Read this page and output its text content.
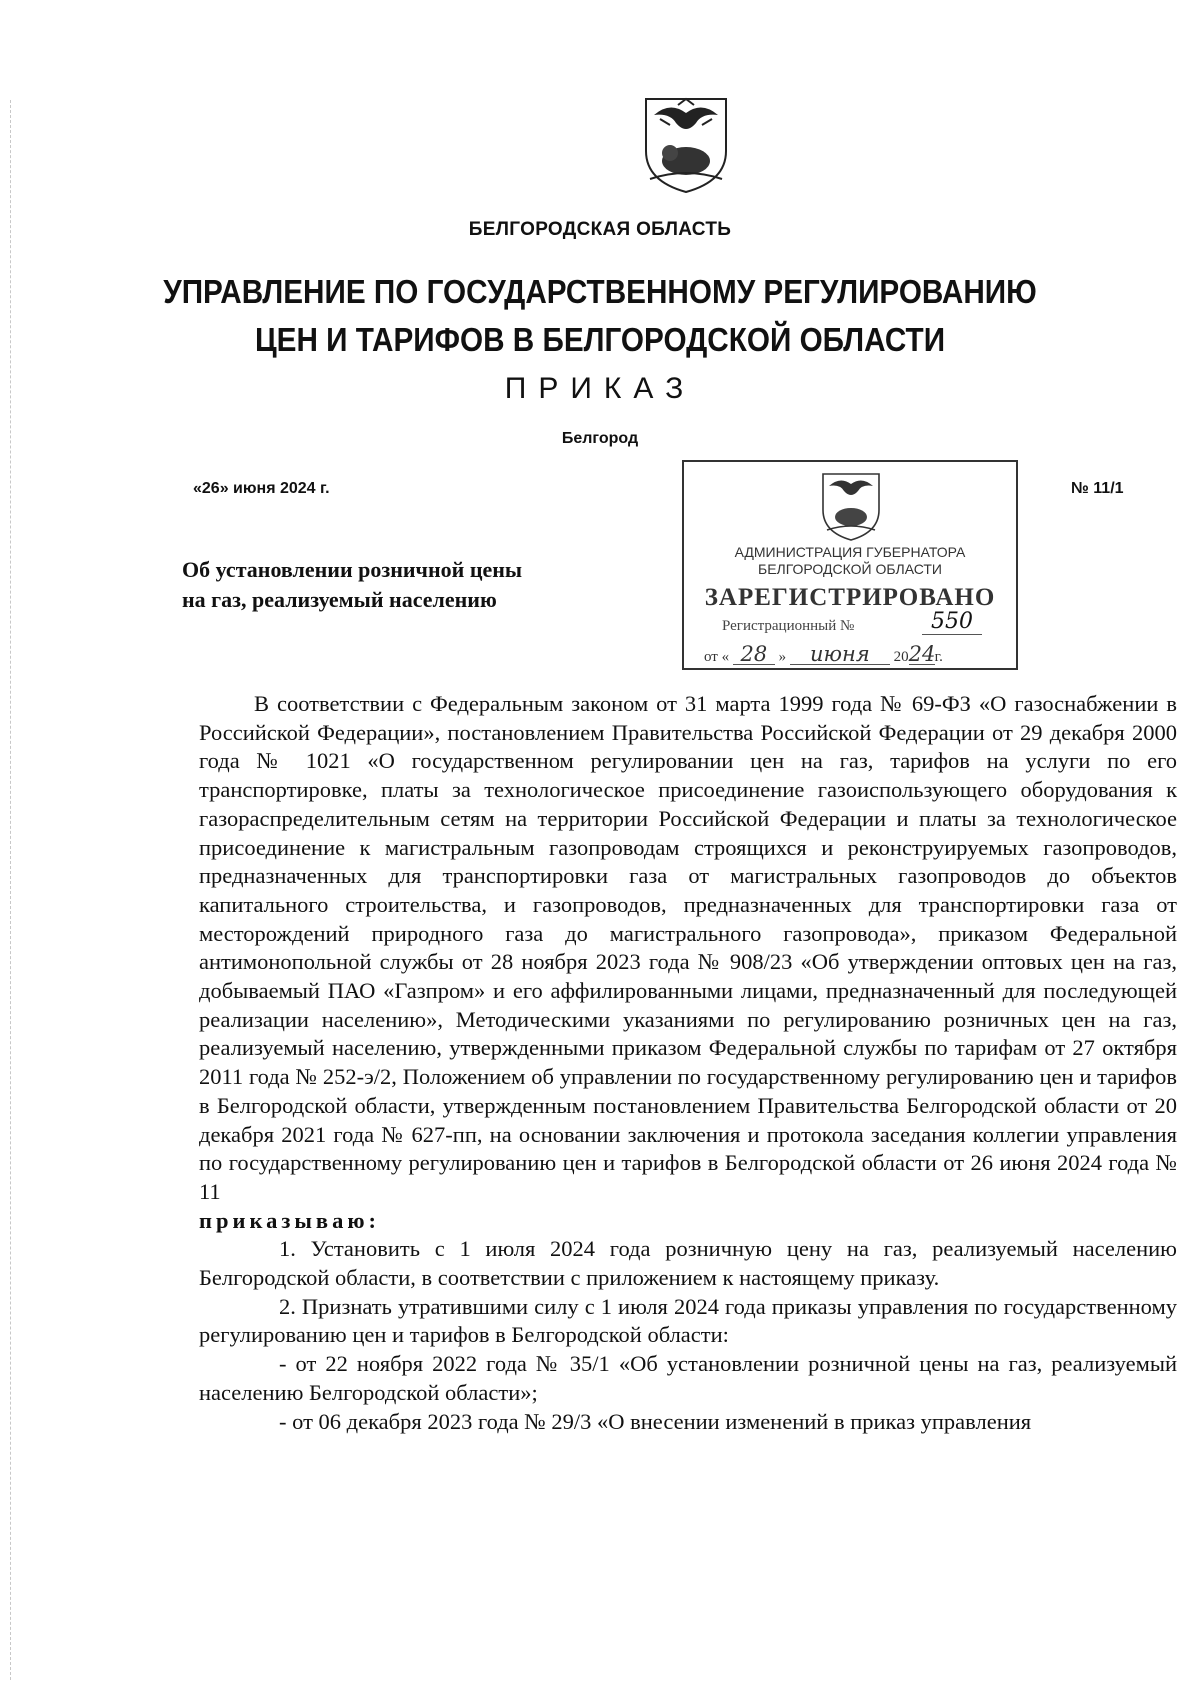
БЕЛГОРОДСКАЯ ОБЛАСТЬ
УПРАВЛЕНИЕ ПО ГОСУДАРСТВЕННОМУ РЕГУЛИРОВАНИЮ
ЦЕН И ТАРИФОВ В БЕЛГОРОДСКОЙ ОБЛАСТИ
ПРИКАЗ
Белгород
«26» июня 2024 г.	№ 11/1
Об установлении розничной цены
на газ, реализуемый населению
АДМИНИСТРАЦИЯ ГУБЕРНАТОРА
БЕЛГОРОДСКОЙ ОБЛАСТИ
ЗАРЕГИСТРИРОВАНО
Регистрационный №	550
от « 28 » июня 2024г.

В соответствии с Федеральным законом от 31 марта 1999 года № 69-ФЗ «О газоснабжении в Российской Федерации», постановлением Правительства Российской Федерации от 29 декабря 2000 года № 1021 «О государственном регулировании цен на газ, тарифов на услуги по его транспортировке, платы за технологическое присоединение газоиспользующего оборудования к газораспределительным сетям на территории Российской Федерации и платы за технологическое присоединение к магистральным газопроводам строящихся и реконструируемых газопроводов, предназначенных для транспортировки газа от магистральных газопроводов до объектов капитального строительства, и газопроводов, предназначенных для транспортировки газа от месторождений природного газа до магистрального газопровода», приказом Федеральной антимонопольной службы от 28 ноября 2023 года № 908/23 «Об утверждении оптовых цен на газ, добываемый ПАО «Газпром» и его аффилированными лицами, предназначенный для последующей реализации населению», Методическими указаниями по регулированию розничных цен на газ, реализуемый населению, утвержденными приказом Федеральной службы по тарифам от 27 октября 2011 года № 252-э/2, Положением об управлении по государственному регулированию цен и тарифов в Белгородской области, утвержденным постановлением Правительства Белгородской области от 20 декабря 2021 года № 627-пп, на основании заключения и протокола заседания коллегии управления по государственному регулированию цен и тарифов в Белгородской области от 26 июня 2024 года № 11

приказываю:

1. Установить с 1 июля 2024 года розничную цену на газ, реализуемый населению Белгородской области, в соответствии с приложением к настоящему приказу.

2. Признать утратившими силу с 1 июля 2024 года приказы управления по государственному регулированию цен и тарифов в Белгородской области:

- от 22 ноября 2022 года № 35/1 «Об установлении розничной цены на газ, реализуемый населению Белгородской области»;

- от 06 декабря 2023 года № 29/3 «О внесении изменений в приказ управления
